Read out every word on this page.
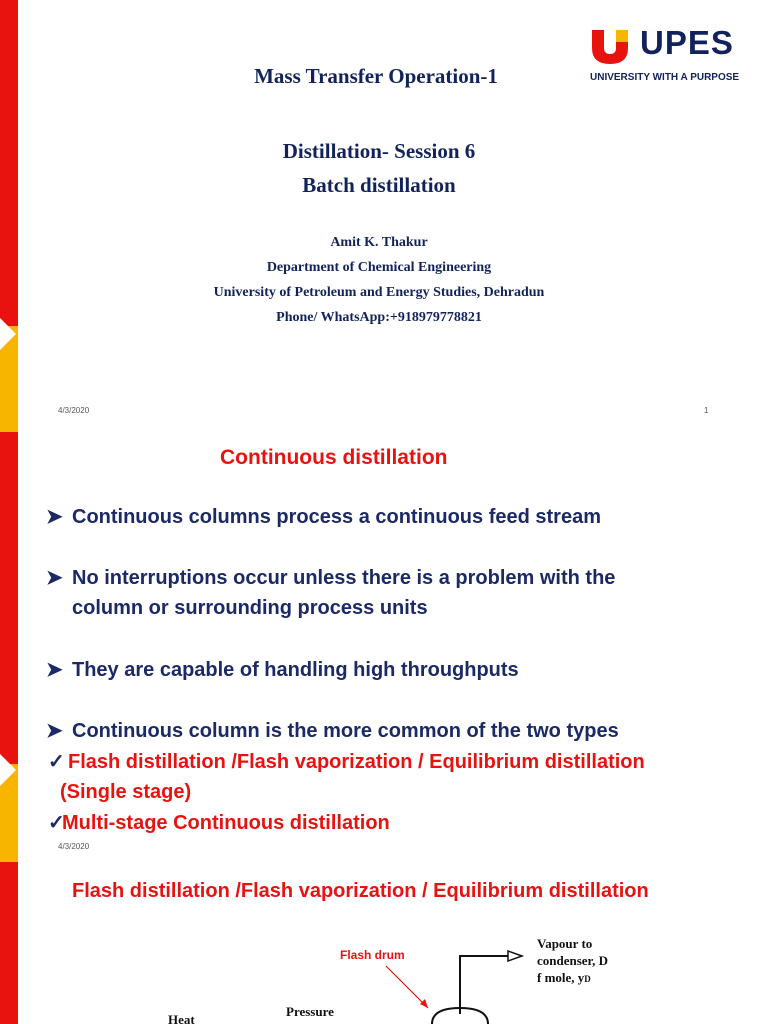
UPES
UNIVERSITY WITH A PURPOSE
Mass Transfer Operation-1
Distillation- Session 6
Batch distillation
Amit K. Thakur
Department of Chemical Engineering
University of Petroleum and Energy Studies, Dehradun
Phone/ WhatsApp:+918979778821
4/3/2020	1
Continuous distillation
➤ Continuous columns process a continuous feed stream
➤ No interruptions occur unless there is a problem with the
column or surrounding process units
➤ They are capable of handling high throughputs
➤ Continuous column is the more common of the two types
✓ Flash distillation /Flash vaporization / Equilibrium distillation
(Single stage)
✓Multi-stage Continuous distillation
4/3/2020
Flash distillation /Flash vaporization / Equilibrium distillation
Flash drum
Vapour to
condenser, D
f mole, yD
Heat
Pressure
